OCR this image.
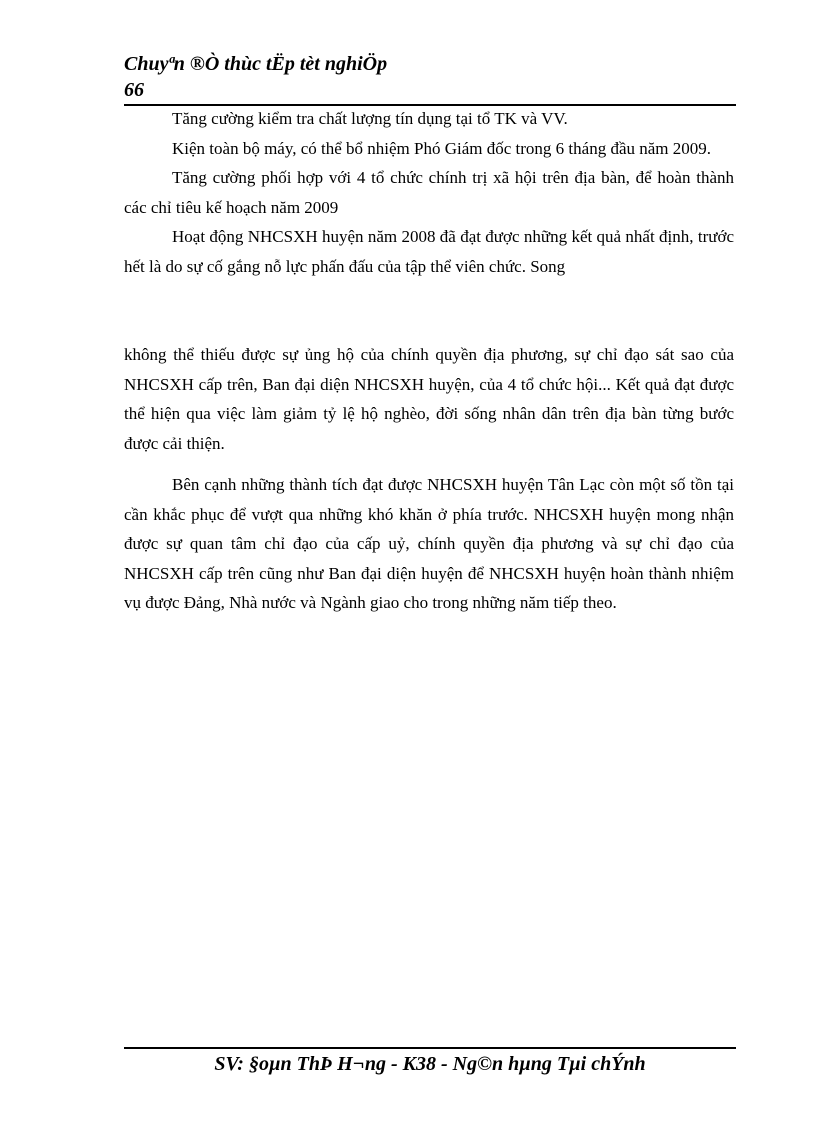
Chuyªn ®Ò thùc tËp tèt nghiÖp
66

Tăng cường kiểm tra chất lượng tín dụng tại tổ TK và VV.

Kiện toàn bộ máy, có thể bổ nhiệm Phó Giám đốc trong 6 tháng đầu năm 2009.

Tăng cường phối hợp với 4 tổ chức chính trị xã hội trên địa bàn, để hoàn thành các chỉ tiêu kế hoạch năm 2009

Hoạt động NHCSXH huyện năm 2008 đã đạt được những kết quả nhất định, trước hết là do sự cố gắng nỗ lực phấn đấu của tập thể viên chức. Song

không thể thiếu được sự ủng hộ của chính quyền địa phương, sự chỉ đạo sát sao của NHCSXH cấp trên, Ban đại diện NHCSXH huyện, của 4 tổ chức hội... Kết quả đạt được thể hiện qua việc làm giảm tỷ lệ hộ nghèo, đời sống nhân dân trên địa bàn từng bước được cải thiện.

Bên cạnh những thành tích đạt được NHCSXH huyện Tân Lạc còn một số tồn tại cần khắc phục để vượt qua những khó khăn ở phía trước. NHCSXH huyện mong nhận được sự quan tâm chỉ đạo của cấp uỷ, chính quyền địa phương và sự chỉ đạo của NHCSXH cấp trên cũng như Ban đại diện huyện để NHCSXH huyện hoàn thành nhiệm vụ được Đảng, Nhà nước và Ngành giao cho trong những năm tiếp theo.

SV: §oµn ThÞ H¬ng - K38 - Ng©n hµng Tµi chÝnh
